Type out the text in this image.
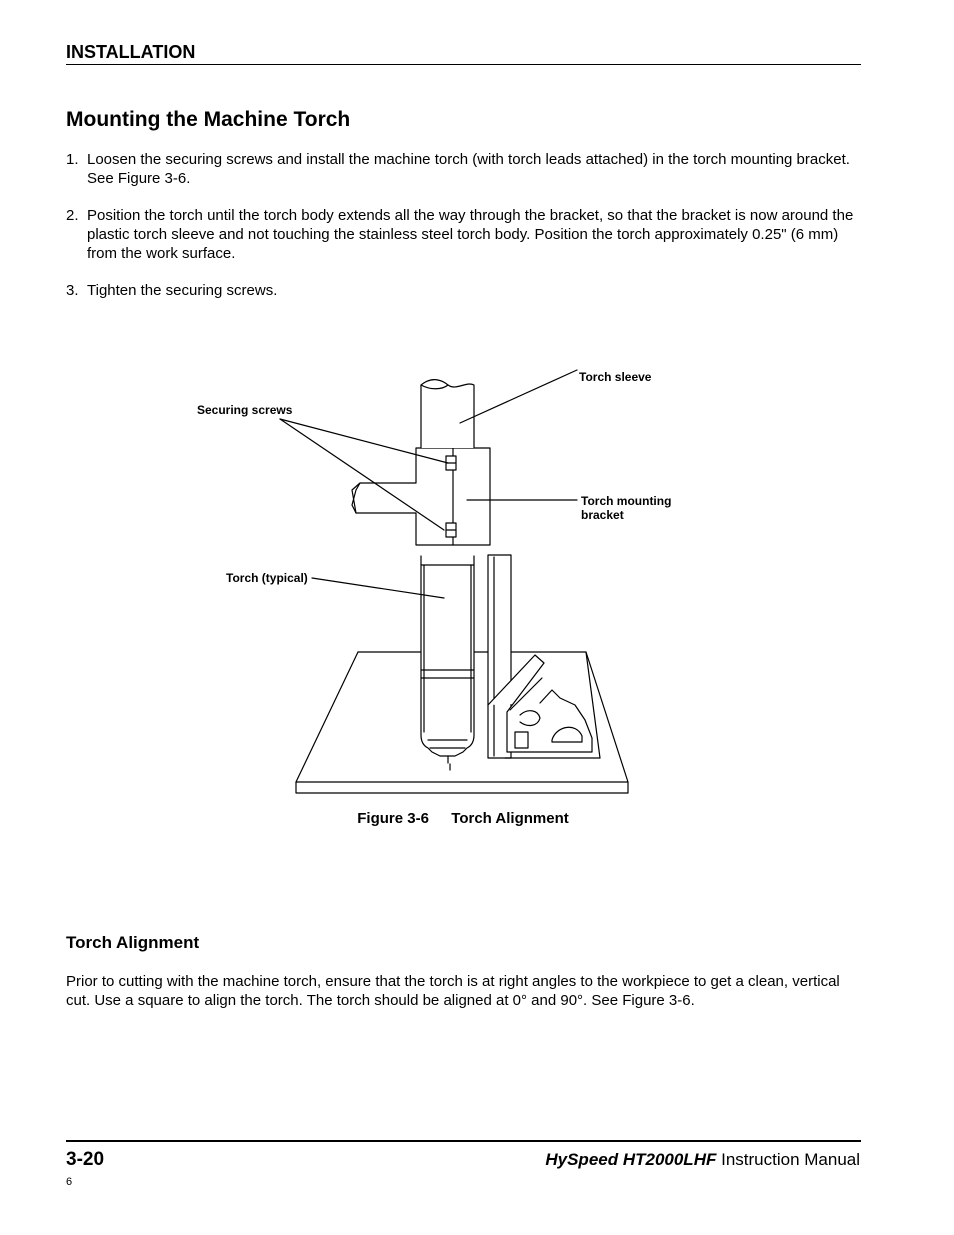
INSTALLATION
Mounting the Machine Torch
1. Loosen the securing screws and install the machine torch (with torch leads attached) in the torch mounting bracket. See Figure 3-6.
2. Position the torch until the torch body extends all the way through the bracket, so that the bracket is now around the plastic torch sleeve and not touching the stainless steel torch body. Position the torch approximately 0.25" (6 mm) from the work surface.
3. Tighten the securing screws.
Torch sleeve
Securing screws
Torch mounting
bracket
Torch (typical)
Figure 3-6 Torch Alignment
Torch Alignment

Prior to cutting with the machine torch, ensure that the torch is at right angles to the workpiece to get a clean, vertical cut. Use a square to align the torch. The torch should be aligned at 0° and 90°. See Figure 3-6.

3-20	HySpeed HT2000LHF Instruction Manual
6
